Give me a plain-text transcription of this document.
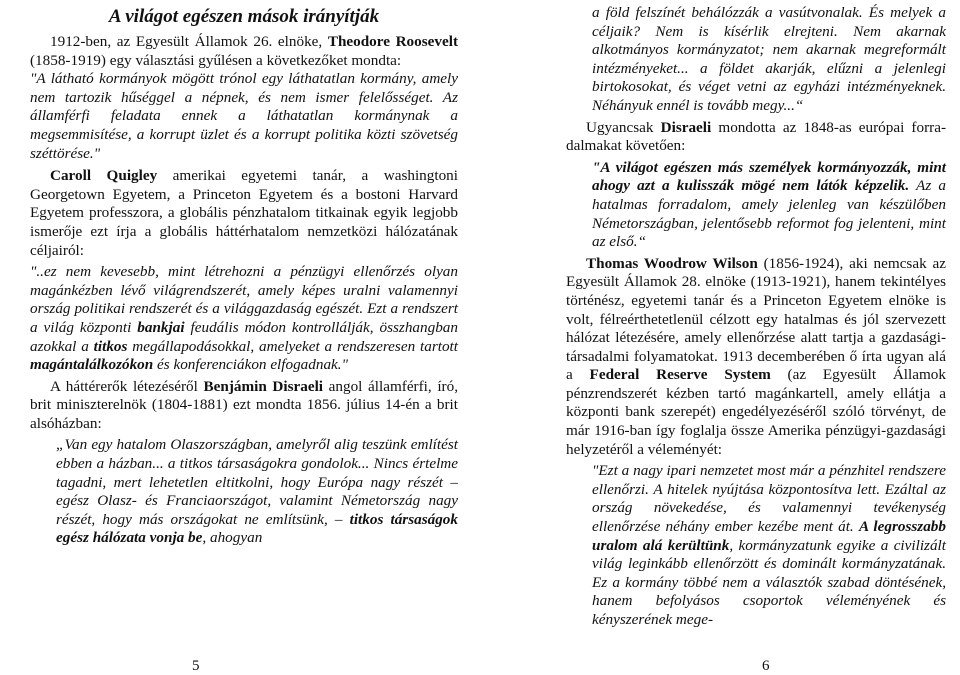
A világot egészen mások irányítják

1912-ben, az Egyesült Államok 26. elnöke, Theodore Roosevelt (1858-1919) egy választási gyűlésen a következőket mondta:

"A látható kormányok mögött trónol egy láthatatlan kormány, amely nem tartozik hűséggel a népnek, és nem ismer felelősséget. Az államférfi feladata ennek a láthatatlan kormánynak a megsemmisítése, a korrupt üzlet és a korrupt politika közti szövetség széttörése."

Caroll Quigley amerikai egyetemi tanár, a washingtoni Georgetown Egyetem, a Princeton Egyetem és a bostoni Harvard Egyetem professzora, a globális pénzhatalom titkainak egyik legjobb ismerője ezt írja a globális háttérhatalom nemzetközi hálózatának céljairól:

"..ez nem kevesebb, mint létrehozni a pénzügyi ellenőrzés olyan magánkézben lévő világrendszerét, amely képes uralni valamennyi ország politikai rendszerét és a világgazdaság egészét. Ezt a rendszert a világ központi bankjai feudális módon kontrollálják, összhangban azokkal a titkos megállapodásokkal, amelyeket a rendszeresen tartott magántalálkozókon és konferenciákon elfogadnak."

A háttérerők létezéséről Benjámin Disraeli angol államférfi, író, brit miniszterelnök (1804-1881) ezt mondta 1856. július 14-én a brit alsóházban:

„Van egy hatalom Olaszországban, amelyről alig teszünk említést ebben a házban... a titkos társaságokra gondolok... Nincs értelme tagadni, mert lehetetlen eltitkolni, hogy Európa nagy részét – egész Olasz- és Franciaországot, valamint Németország nagy részét, hogy más országokat ne említsünk, – titkos társaságok egész hálózata vonja be, ahogyan

5

a föld felszínét behálózzák a vasútvonalak. És mеlyek a céljaik? Nem is kísérlik elrejteni. Nem akarnak alkotmányos kormányzatot; nem akarnak megreformált intézményeket... a földet akarják, elűzni a jelenlegi birtokosokat, és véget vetni az egyházi intézményeknek. Néhányuk ennél is tovább megy...“

Ugyancsak Disraeli mondotta az 1848-as európai forradalmakat követően:

"A világot egészen más személyek kormányozzák, mint ahogy azt a kulisszák mögé nem látók képzelik. Az a hatalmas forradalom, amely jelenleg van készülőben Németországban, jelentősebb reformot fog jelenteni, mint az első.“

Thomas Woodrow Wilson (1856-1924), aki nemcsak az Egyesült Államok 28. elnöke (1913-1921), hanem tekintélyes történész, egyetemi tanár és a Princeton Egyetem elnöke is volt, félreérthetetlenül célzott egy hatalmas és jól szervezett hálózat létezésére, amely ellenőrzése alatt tartja a gazdasági-társadalmi folyamatokat. 1913 decemberében ő írta ugyan alá a Federal Reserve System (az Egyesült Államok pénzrendszerét kézben tartó magánkartell, amely ellátja a központi bank szerepét) engedélyezéséről szóló törvényt, de már 1916-ban így foglalja össze Amerika pénzügyi-gazdasági helyzetéről a véleményét:

"Ezt a nagy ipari nemzetet most már a pénzhitel rendszere ellenőrzi. A hitelek nyújtása központosítva lett. Ezáltal az ország növekedése, és valamennyi tevékenység ellenőrzése néhány ember kezébe ment át. A legrosszabb uralom alá kerültünk, kormányzatunk egyike a civilizált világ leginkább ellenőrzött és dominált kormányzatának. Ez a kormány többé nem a választók szabad döntésének, hanem befolyásos csoportok véleményének és kényszerének mеge-

6
